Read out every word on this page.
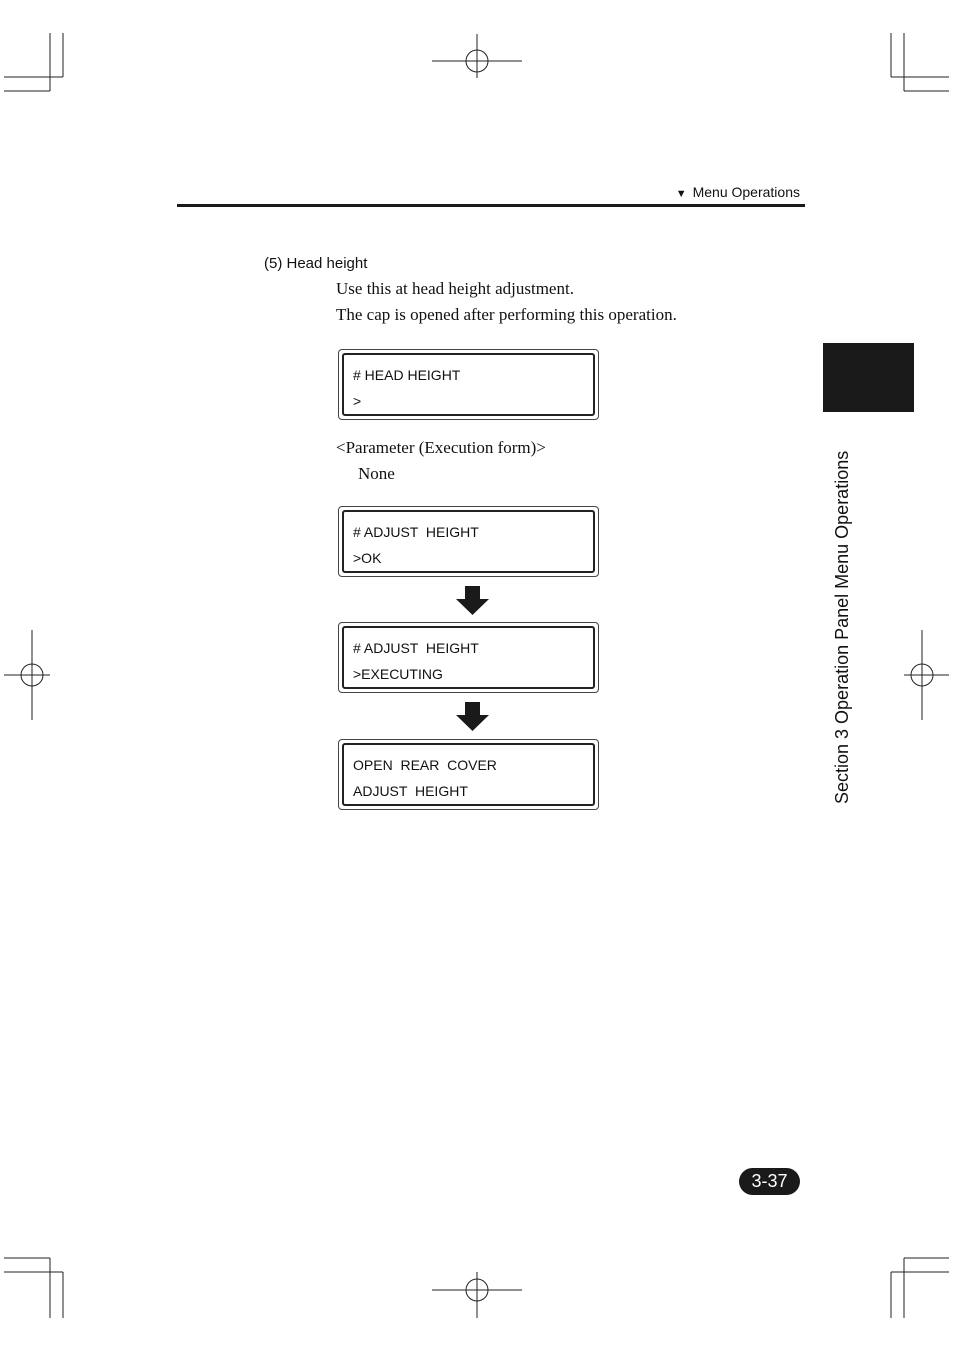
▼ Menu Operations
(5) Head height
Use this at head height adjustment.
The cap is opened after performing this operation.
# HEAD HEIGHT
>
<Parameter (Execution form)>
None
# ADJUST  HEIGHT
>OK
# ADJUST  HEIGHT
>EXECUTING
OPEN  REAR  COVER
ADJUST  HEIGHT	Section 3 Operation Panel Menu Operations
3-37
